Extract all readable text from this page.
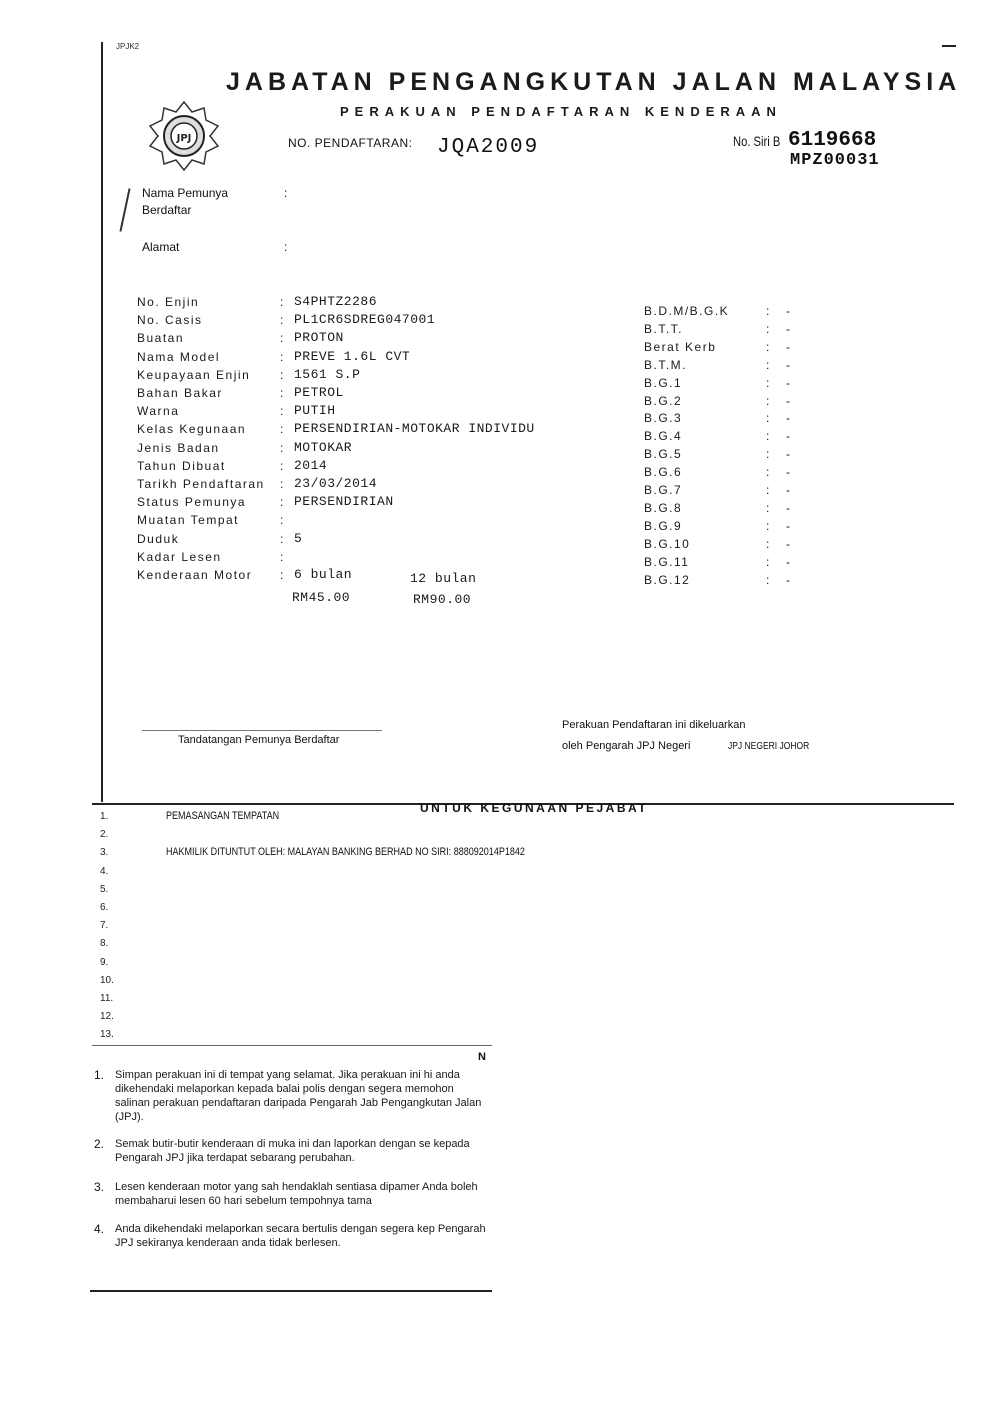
JPJK2
JPJ
JABATAN PENGANGKUTAN JALAN MALAYSIA
PERAKUAN PENDAFTARAN KENDERAAN
NO. PENDAFTARAN: JQA2009	No. Siri B 6119668
MPZ00031
Nama Pemunya
Berdaftar
:
Alamat	:
No. Enjin	: S4PHTZ2286
No. Casis	: PL1CR6SDREG047001
Buatan	: PROTON
Nama Model	: PREVE 1.6L CVT
Keupayaan Enjin : 1561 S.P
Bahan Bakar	: PETROL
Warna	: PUTIH
Kelas Kegunaan	: PERSENDIRIAN-MOTOKAR INDIVIDU
Jenis Badan	: MOTOKAR
Tahun Dibuat	: 2014
Tarikh Pendaftaran : 23/03/2014
Status Pemunya	: PERSENDIRIAN
Muatan Tempat	:
Duduk	: 5
Kadar Lesen	:
Kenderaan Motor : 6 bulan	12 bulan
RM45.00	RM90.00
B.D.M/B.G.K	: -
B.T.T.	: -
Berat Kerb	: -
B.T.M.	: -
B.G.1	: -
B.G.2	: -
B.G.3	: -
B.G.4	: -
B.G.5	: -
B.G.6	: -
B.G.7	: -
B.G.8	: -
B.G.9	: -
B.G.10	: -
B.G.11	: -
B.G.12	: -
Tandatangan Pemunya Berdaftar
Perakuan Pendaftaran ini dikeluarkan
oleh Pengarah JPJ Negeri	JPJ NEGERI JOHOR
UNTUK KEGUNAAN PEJABAT
1.	PEMASANGAN TEMPATAN
2.
3.	HAKMILIK DITUNTUT OLEH: MALAYAN BANKING BERHAD NO SIRI: 888092014P1842
4.
5.
6.
7.
8.
9.
10.
11.
12.
13.
N
1. Simpan perakuan ini di tempat yang selamat. Jika perakuan ini hi anda dikehendaki melaporkan kepada balai polis dengan segera memohon salinan perakuan pendaftaran daripada Pengarah Jab Pengangkutan Jalan (JPJ).
2. Semak butir-butir kenderaan di muka ini dan laporkan dengan se kepada Pengarah JPJ jika terdapat sebarang perubahan.
3. Lesen kenderaan motor yang sah hendaklah sentiasa dipamer Anda boleh membaharui lesen 60 hari sebelum tempohnya tama
4. Anda dikehendaki melaporkan secara bertulis dengan segera kep Pengarah JPJ sekiranya kenderaan anda tidak berlesen.
